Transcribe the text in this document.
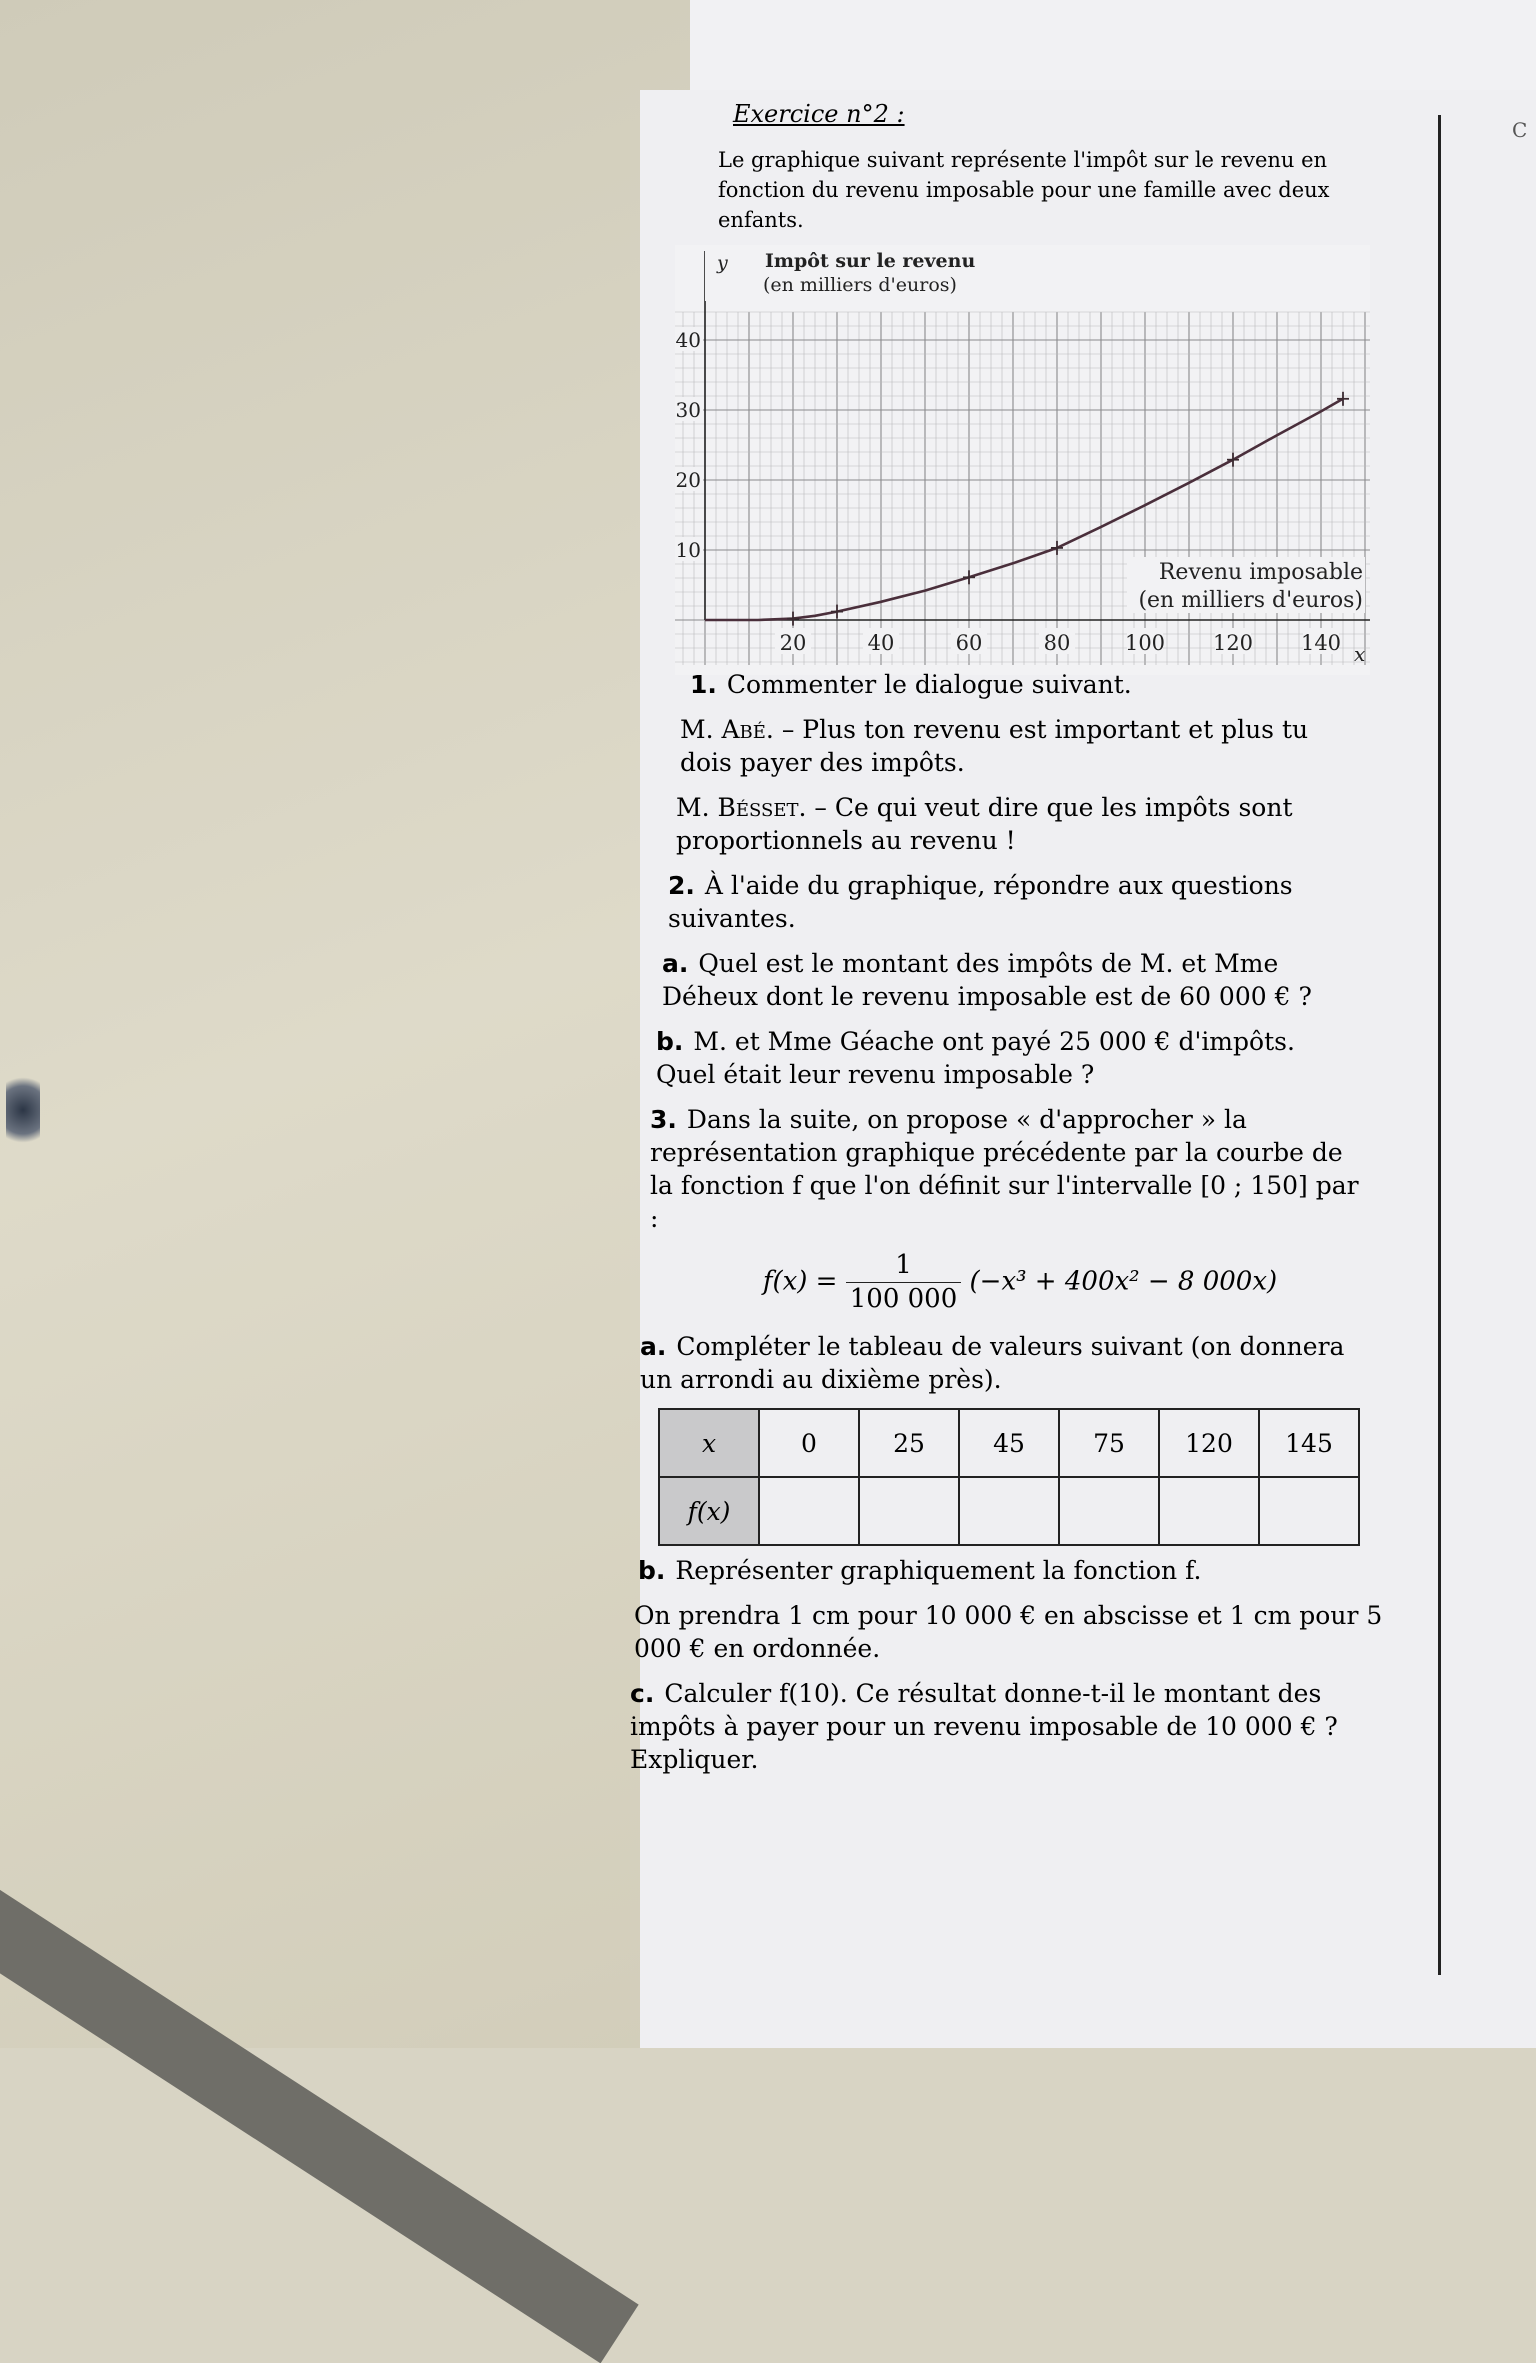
C
Exercice n°2 :
Le graphique suivant représente l'impôt sur le revenu en fonction du revenu imposable pour une famille avec deux enfants.
20	40	60	80	100 120 140
10
20
30
40
y Impôt sur le revenu
(en milliers d'euros)
Revenu imposable
(en milliers d'euros)
x
1. Commenter le dialogue suivant.
M. Abé. – Plus ton revenu est important et plus tu dois payer des impôts.
M. Bésset. – Ce qui veut dire que les impôts sont proportionnels au revenu !
2. À l'aide du graphique, répondre aux questions suivantes.
a. Quel est le montant des impôts de M. et Mme Déheux dont le revenu imposable est de 60 000 € ?
b. M. et Mme Géache ont payé 25 000 € d'impôts. Quel était leur revenu imposable ?
3. Dans la suite, on propose « d'approcher » la représentation graphique précédente par la courbe de la fonction f que l'on définit sur l'intervalle [0 ; 150] par :
$f(x) = \frac{1}{100 000} (-x^3 + 400x^2 - 8$ 000x)
a. Compléter le tableau de valeurs suivant (on donnera un arrondi au dixième près).
x	0	25	45	75	120	145
f(x)						
b. Représenter graphiquement la fonction f.
On prendra 1 cm pour 10 000 € en abscisse et 1 cm pour 5 000 € en ordonnée.
c. Calculer f(10). Ce résultat donne-t-il le montant des impôts à payer pour un revenu imposable de 10 000 € ? Expliquer.
